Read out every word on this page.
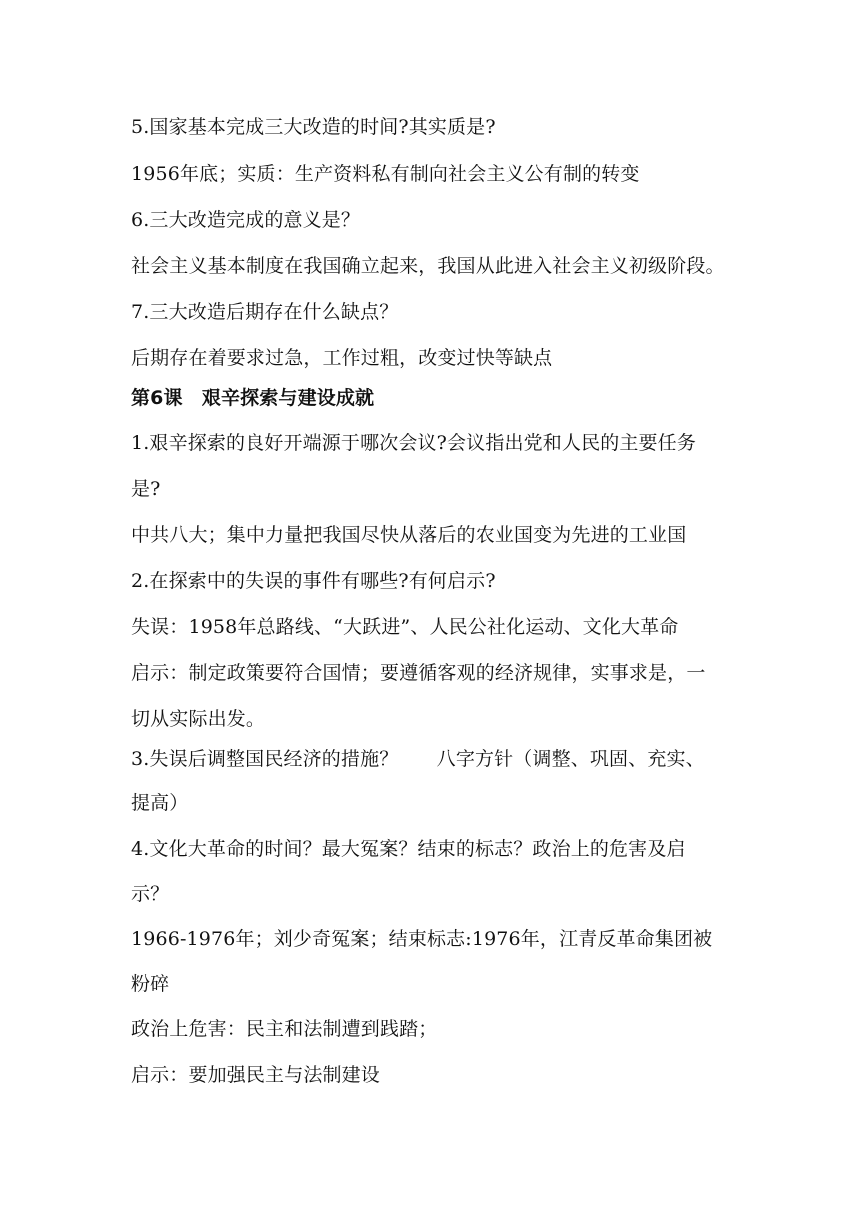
5.国家基本完成三大改造的时间?其实质是?
1956年底；实质：生产资料私有制向社会主义公有制的转变
6.三大改造完成的意义是？
社会主义基本制度在我国确立起来，我国从此进入社会主义初级阶段。
7.三大改造后期存在什么缺点？
后期存在着要求过急，工作过粗，改变过快等缺点
第6课　艰辛探索与建设成就
1.艰辛探索的良好开端源于哪次会议?会议指出党和人民的主要任务
是?
中共八大；集中力量把我国尽快从落后的农业国变为先进的工业国
2.在探索中的失误的事件有哪些?有何启示?
失误：1958年总路线、“大跃进”、人民公社化运动、文化大革命
启示：制定政策要符合国情；要遵循客观的经济规律，实事求是，一
切从实际出发。
3.失误后调整国民经济的措施？　　八字方针（调整、巩固、充实、
提高）
4.文化大革命的时间？最大冤案？结束的标志？政治上的危害及启
示？
1966-1976年；刘少奇冤案；结束标志:1976年，江青反革命集团被
粉碎
政治上危害：民主和法制遭到践踏；
启示：要加强民主与法制建设
